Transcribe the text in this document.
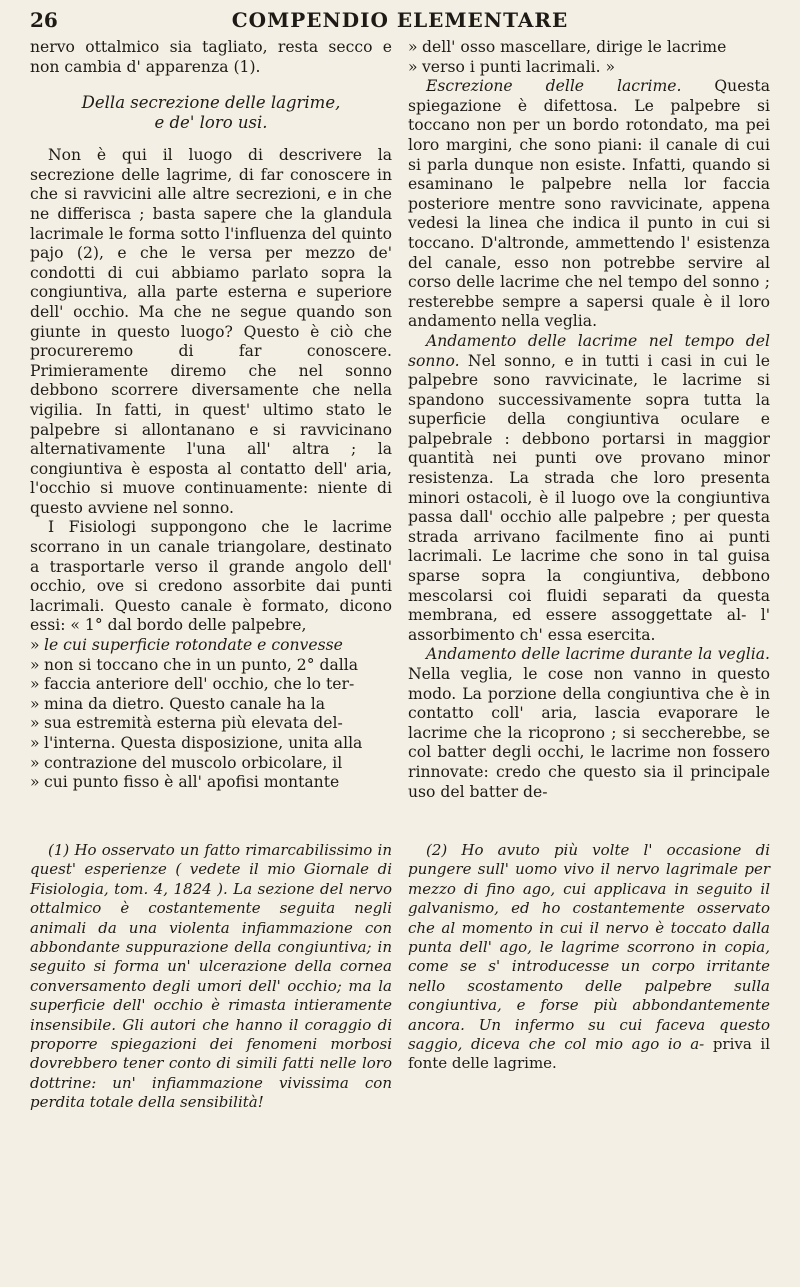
26	COMPENDIO ELEMENTARE

nervo ottalmico sia tagliato, resta secco e non cambia d' apparenza (1).

Della secrezione delle lagrime,
e de' loro usi.

Non è qui il luogo di descrivere la secrezione delle lagrime, di far conoscere in che si ravvicini alle altre secrezioni, e in che ne differisca ; basta sapere che la glandula lacrimale le forma sotto l'influenza del quinto pajo (2), e che le versa per mezzo de' condotti di cui abbiamo parlato sopra la congiuntiva, alla parte esterna e superiore dell' occhio. Ma che ne segue quando son giunte in questo luogo? Questo è ciò che procureremo di far conoscere. Primieramente diremo che nel sonno debbono scorrere diversamente che nella vigilia. In fatti, in quest' ultimo stato le palpebre si allontanano e si ravvicinano alternativamente l'una all' altra ; la congiuntiva è esposta al contatto dell' aria, l'occhio si muove continuamente: niente di questo avviene nel sonno.

I Fisiologi suppongono che le lacrime scorrano in un canale triangolare, destinato a trasportarle verso il grande angolo dell' occhio, ove si credono assorbite dai punti lacrimali. Questo canale è formato, dicono essi: « 1° dal bordo delle palpebre,

» le cui superficie rotondate e convesse

» non si toccano che in un punto, 2° dalla

» faccia anteriore dell' occhio, che lo ter-

» mina da dietro. Questo canale ha la

» sua estremità esterna più elevata del-

» l'interna. Questa disposizione, unita alla

» contrazione del muscolo orbicolare, il

» cui punto fisso è all' apofisi montante

» dell' osso mascellare, dirige le lacrime

» verso i punti lacrimali. »

Escrezione delle lacrime. Questa spiegazione è difettosa. Le palpebre si toccano non per un bordo rotondato, ma pei loro margini, che sono piani: il canale di cui si parla dunque non esiste. Infatti, quando si esaminano le palpebre nella lor faccia posteriore mentre sono ravvicinate, appena vedesi la linea che indica il punto in cui si toccano. D'altronde, ammettendo l' esistenza del canale, esso non potrebbe servire al corso delle lacrime che nel tempo del sonno ; resterebbe sempre a sapersi quale è il loro andamento nella veglia.

Andamento delle lacrime nel tempo del sonno. Nel sonno, e in tutti i casi in cui le palpebre sono ravvicinate, le lacrime si spandono successivamente sopra tutta la superficie della congiuntiva oculare e palpebrale : debbono portarsi in maggior quantità nei punti ove provano minor resistenza. La strada che loro presenta minori ostacoli, è il luogo ove la congiuntiva passa dall' occhio alle palpebre ; per questa strada arrivano facilmente fino ai punti lacrimali. Le lacrime che sono in tal guisa sparse sopra la congiuntiva, debbono mescolarsi coi fluidi separati da questa membrana, ed essere assoggettate al- l' assorbimento ch' essa esercita.

Andamento delle lacrime durante la veglia. Nella veglia, le cose non vanno in questo modo. La porzione della congiuntiva che è in contatto coll' aria, lascia evaporare le lacrime che la ricoprono ; si seccherebbe, se col batter degli occhi, le lacrime non fossero rinnovate: credo che questo sia il principale uso del batter de-

(1) Ho osservato un fatto rimarcabilissimo in quest' esperienze ( vedete il mio Giornale di Fisiologia, tom. 4, 1824 ). La sezione del nervo ottalmico è costantemente seguita negli animali da una violenta infiammazione con abbondante suppurazione della congiuntiva; in seguito si forma un' ulcerazione della cornea conversamento degli umori dell' occhio; ma la superficie dell' occhio è rimasta intieramente insensibile. Gli autori che hanno il coraggio di proporre spiegazioni dei fenomeni morbosi dovrebbero tener conto di simili fatti nelle loro dottrine: un' infiammazione vivissima con perdita totale della sensibilità!

(2) Ho avuto più volte l' occasione di pungere sull' uomo vivo il nervo lagrimale per mezzo di fino ago, cui applicava in seguito il galvanismo, ed ho costantemente osservato che al momento in cui il nervo è toccato dalla punta dell' ago, le lagrime scorrono in copia, come se s' introducesse un corpo irritante nello scostamento delle palpebre sulla congiuntiva, e forse più abbondantemente ancora. Un infermo su cui faceva questo saggio, diceva che col mio ago io a- priva il fonte delle lagrime.
